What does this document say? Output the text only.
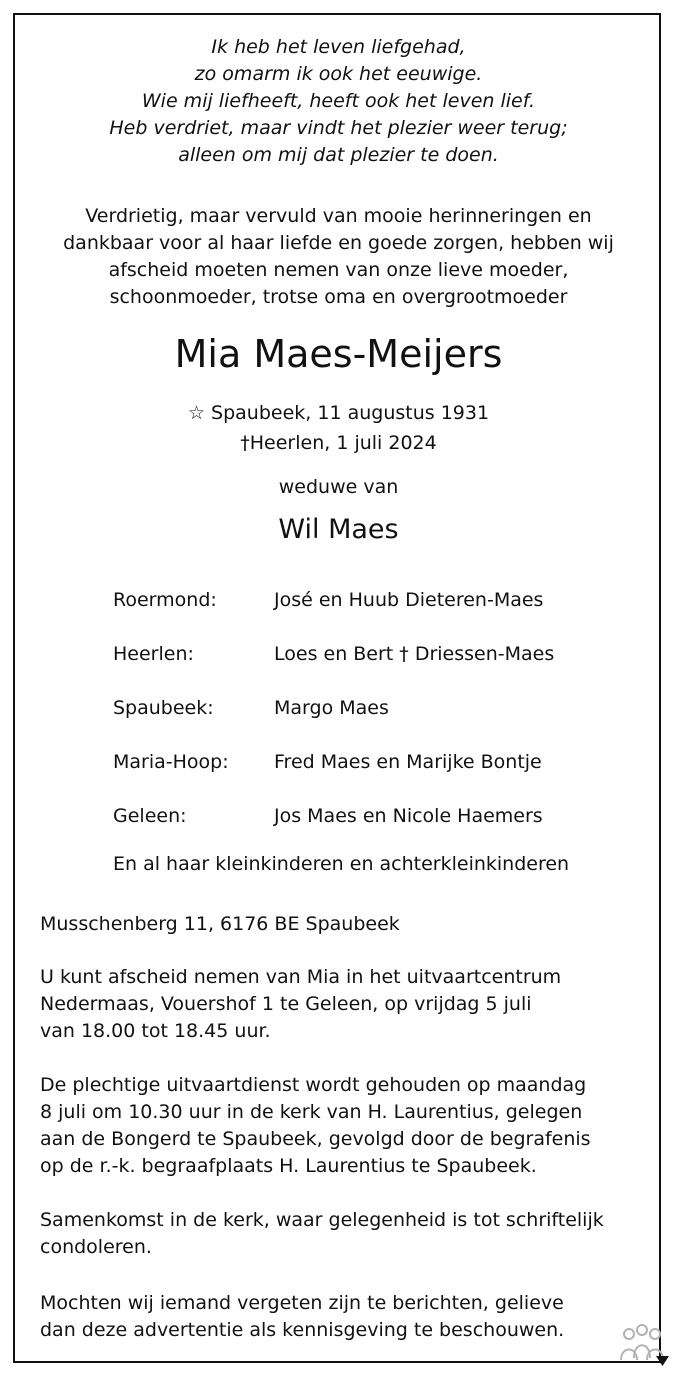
Ik heb het leven liefgehad,
zo omarm ik ook het eeuwige.
Wie mij liefheeft, heeft ook het leven lief.
Heb verdriet, maar vindt het plezier weer terug;
alleen om mij dat plezier te doen.
Verdrietig, maar vervuld van mooie herinneringen en
dankbaar voor al haar liefde en goede zorgen, hebben wij
afscheid moeten nemen van onze lieve moeder,
schoonmoeder, trotse oma en overgrootmoeder
Mia Maes-Meijers
☆ Spaubeek, 11 augustus 1931
†Heerlen, 1 juli 2024
weduwe van
Wil Maes
Roermond:	José en Huub Dieteren-Maes
Heerlen:	Loes en Bert † Driessen-Maes
Spaubeek:	Margo Maes
Maria-Hoop: Fred Maes en Marijke Bontje
Geleen:	Jos Maes en Nicole Haemers
En al haar kleinkinderen en achterkleinkinderen
Musschenberg 11, 6176 BE Spaubeek
U kunt afscheid nemen van Mia in het uitvaartcentrum
Nedermaas, Vouershof 1 te Geleen, op vrijdag 5 juli
van 18.00 tot 18.45 uur.
De plechtige uitvaartdienst wordt gehouden op maandag
8 juli om 10.30 uur in de kerk van H. Laurentius, gelegen
aan de Bongerd te Spaubeek, gevolgd door de begrafenis
op de r.-k. begraafplaats H. Laurentius te Spaubeek.
Samenkomst in de kerk, waar gelegenheid is tot schriftelijk
condoleren.
Mochten wij iemand vergeten zijn te berichten, gelieve
dan deze advertentie als kennisgeving te beschouwen.
